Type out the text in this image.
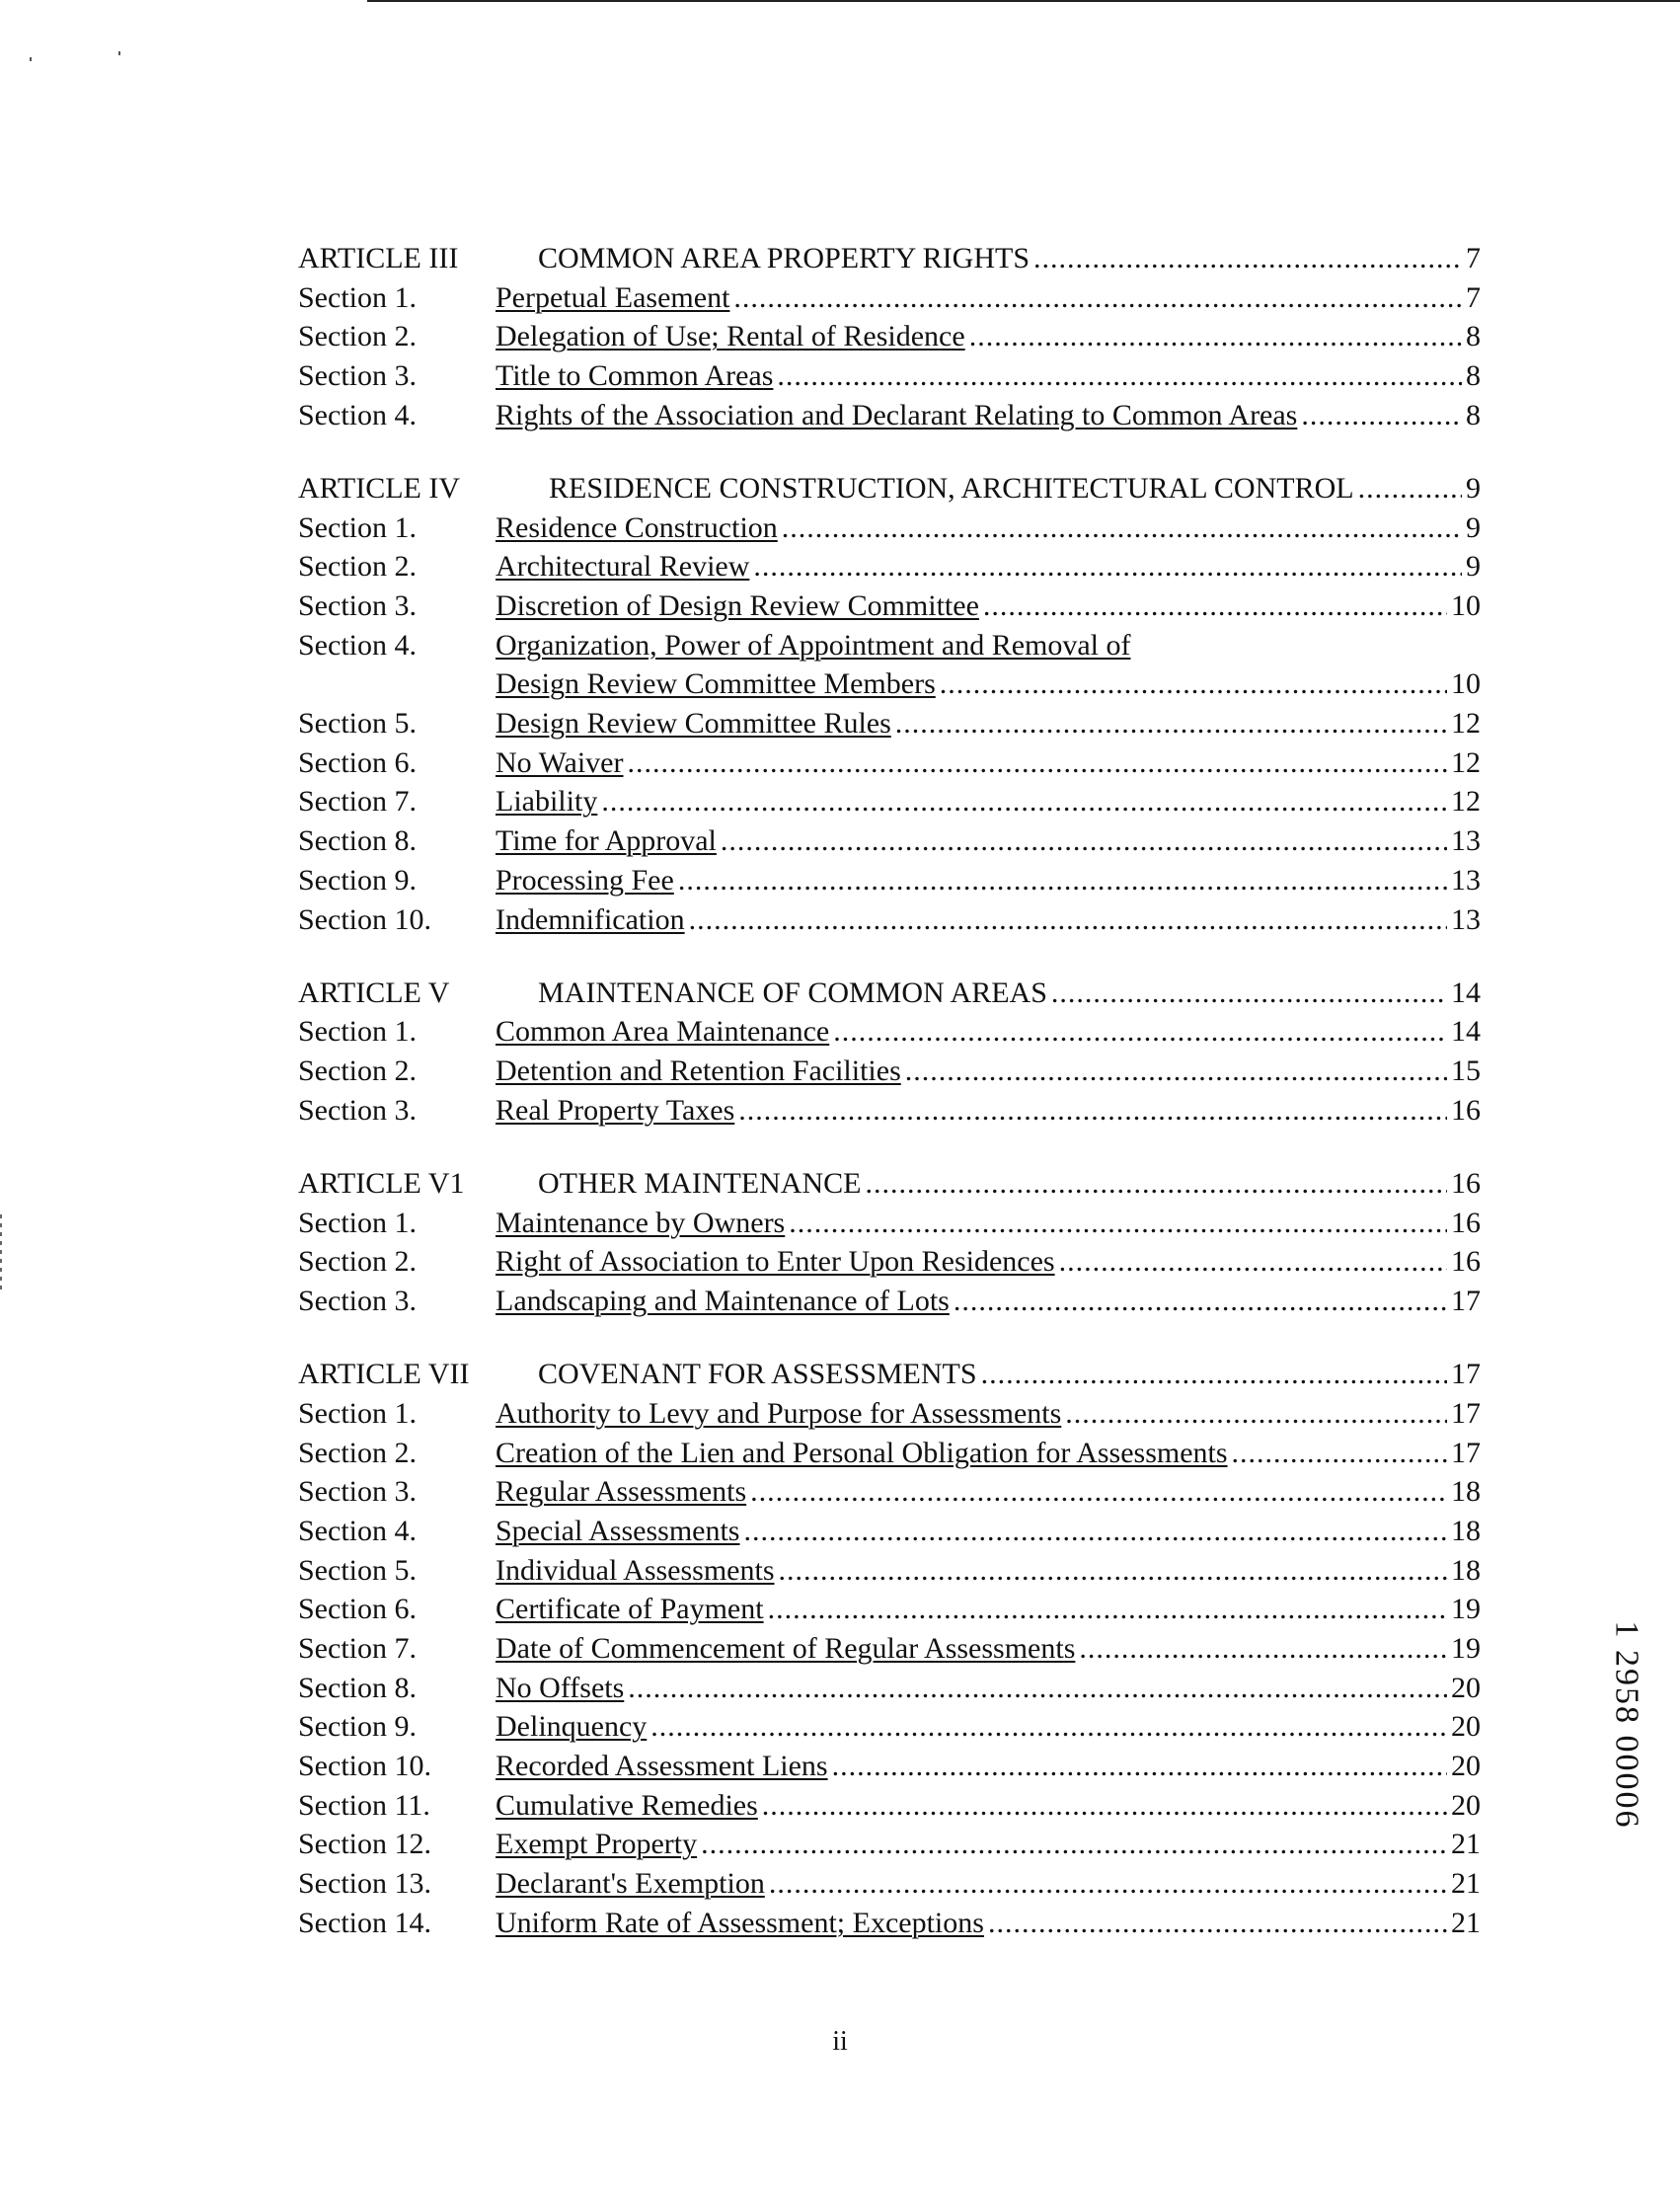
ARTICLE III	COMMON AREA PROPERTY RIGHTS .....	7
Section 1.	Perpetual Easement .....	7
Section 2.	Delegation of Use; Rental of Residence .....	8
Section 3.	Title to Common Areas .....	8
Section 4.	Rights of the Association and Declarant Relating to Common Areas .....	8
ARTICLE IV	RESIDENCE CONSTRUCTION, ARCHITECTURAL CONTROL .....	9
Section 1.	Residence Construction .....	9
Section 2.	Architectural Review .....	9
Section 3.	Discretion of Design Review Committee .....	10
Section 4.	Organization, Power of Appointment and Removal of
Design Review Committee Members .....	10
Section 5.	Design Review Committee Rules .....	12
Section 6.	No Waiver .....	12
Section 7.	Liability .....	12
Section 8.	Time for Approval .....	13
Section 9.	Processing Fee .....	13
Section 10. Indemnification .....	13
ARTICLE V	MAINTENANCE OF COMMON AREAS .....	14
Section 1.	Common Area Maintenance .....	14
Section 2.	Detention and Retention Facilities .....	15
Section 3.	Real Property Taxes .....	16
ARTICLE V1 OTHER MAINTENANCE .....	16
Section 1.	Maintenance by Owners .....	16
Section 2.	Right of Association to Enter Upon Residences .....	16
Section 3.	Landscaping and Maintenance of Lots .....	17
ARTICLE VII COVENANT FOR ASSESSMENTS .....	17
Section 1.	Authority to Levy and Purpose for Assessments .....	17
Section 2.	Creation of the Lien and Personal Obligation for Assessments .....	17
Section 3.	Regular Assessments .....	18
Section 4.	Special Assessments .....	18
Section 5.	Individual Assessments .....	18
Section 6.	Certificate of Payment .....	19
Section 7.	Date of Commencement of Regular Assessments .....	19
Section 8.	No Offsets .....	20
Section 9.	Delinquency .....	20
Section 10. Recorded Assessment Liens .....	20
Section 11. Cumulative Remedies .....	20
Section 12. Exempt Property .....	21
Section 13. Declarant's Exemption .....	21
Section 14. Uniform Rate of Assessment; Exceptions .....	21
ii
1 2958 00006
